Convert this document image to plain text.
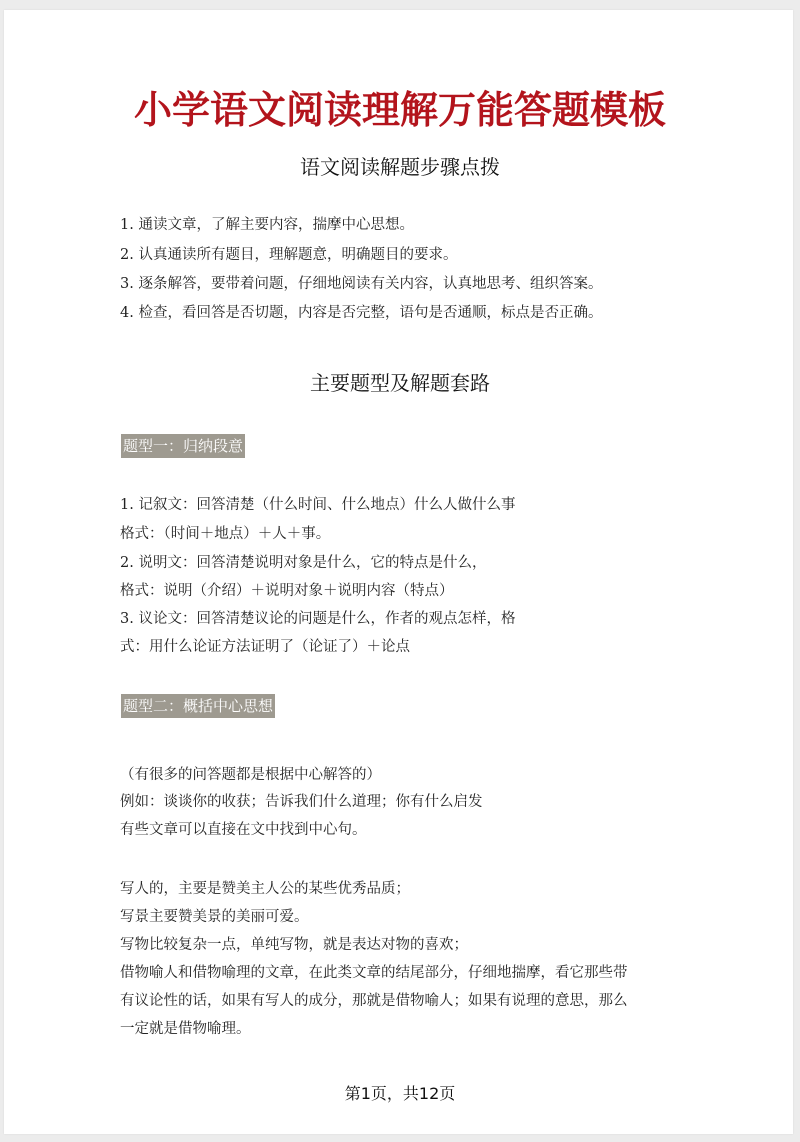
小学语文阅读理解万能答题模板
语文阅读解题步骤点拨
1. 通读文章，了解主要内容，揣摩中心思想。
2. 认真通读所有题目，理解题意，明确题目的要求。
3. 逐条解答，要带着问题，仔细地阅读有关内容，认真地思考、组织答案。
4. 检查，看回答是否切题，内容是否完整，语句是否通顺，标点是否正确。
主要题型及解题套路
题型一：归纳段意
1. 记叙文：回答清楚（什么时间、什么地点）什么人做什么事
格式：（时间＋地点）＋人＋事。
2. 说明文：回答清楚说明对象是什么，它的特点是什么，
格式：说明（介绍）＋说明对象＋说明内容（特点）
3. 议论文：回答清楚议论的问题是什么，作者的观点怎样，格
式：用什么论证方法证明了（论证了）＋论点
题型二：概括中心思想
（有很多的问答题都是根据中心解答的）
例如：谈谈你的收获；告诉我们什么道理；你有什么启发
有些文章可以直接在文中找到中心句。
写人的，主要是赞美主人公的某些优秀品质；
写景主要赞美景的美丽可爱。
写物比较复杂一点，单纯写物，就是表达对物的喜欢；
借物喻人和借物喻理的文章，在此类文章的结尾部分，仔细地揣摩，看它那些带
有议论性的话，如果有写人的成分，那就是借物喻人；如果有说理的意思，那么
一定就是借物喻理。
第1页，共12页
